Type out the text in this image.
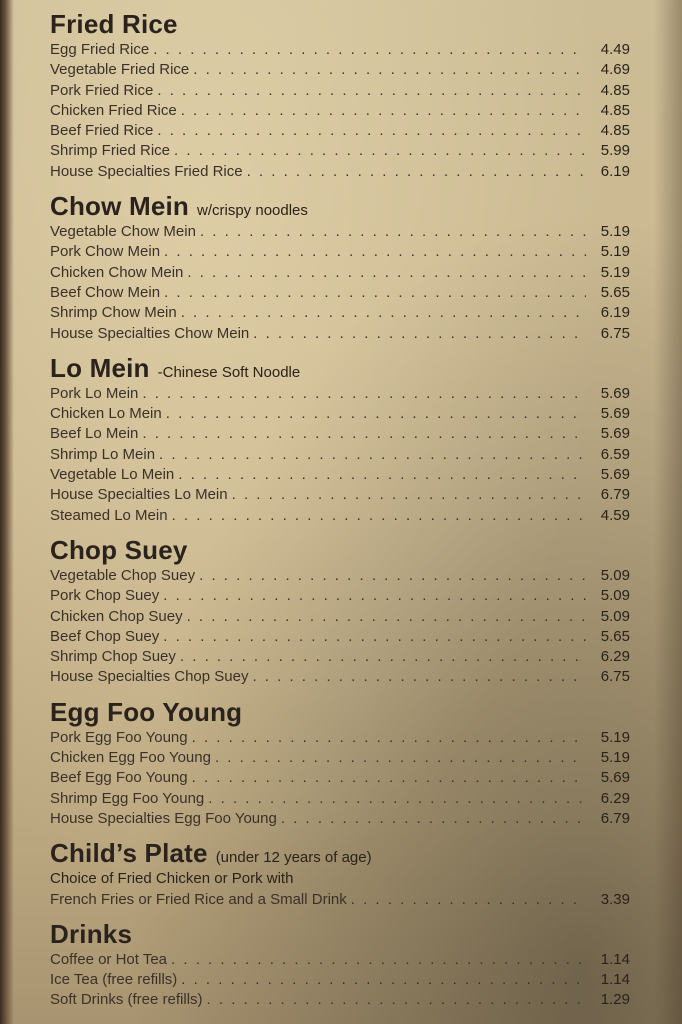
Fried Rice
Egg Fried Rice . . .	4.49
Vegetable Fried Rice . . .	4.69
Pork Fried Rice . . .	4.85
Chicken Fried Rice . . .	4.85
Beef Fried Rice . . .	4.85
Shrimp Fried Rice . . .	5.99
House Specialties Fried Rice . . .	6.19
Chow Mein w/crispy noodles
Vegetable Chow Mein . . .	5.19
Pork Chow Mein . . .	5.19
Chicken Chow Mein . . .	5.19
Beef Chow Mein . . .	5.65
Shrimp Chow Mein . . .	6.19
House Specialties Chow Mein . . .	6.75
Lo Mein -Chinese Soft Noodle
Pork Lo Mein . . .	5.69
Chicken Lo Mein . . .	5.69
Beef Lo Mein . . .	5.69
Shrimp Lo Mein . . .	6.59
Vegetable Lo Mein . . .	5.69
House Specialties Lo Mein . . .	6.79
Steamed Lo Mein . . .	4.59
Chop Suey
Vegetable Chop Suey . . .	5.09
Pork Chop Suey . . .	5.09
Chicken Chop Suey . . .	5.09
Beef Chop Suey . . .	5.65
Shrimp Chop Suey . . .	6.29
House Specialties Chop Suey . . .	6.75
Egg Foo Young
Pork Egg Foo Young . . .	5.19
Chicken Egg Foo Young . . .	5.19
Beef Egg Foo Young . . .	5.69
Shrimp Egg Foo Young . . .	6.29
House Specialties Egg Foo Young . . .	6.79
Child’s Plate (under 12 years of age)
Choice of Fried Chicken or Pork with
French Fries or Fried Rice and a Small Drink . . .	3.39
Drinks
Coffee or Hot Tea . . .	1.14
Ice Tea (free refills) . . .	1.14
Soft Drinks (free refills) . . .	1.29
